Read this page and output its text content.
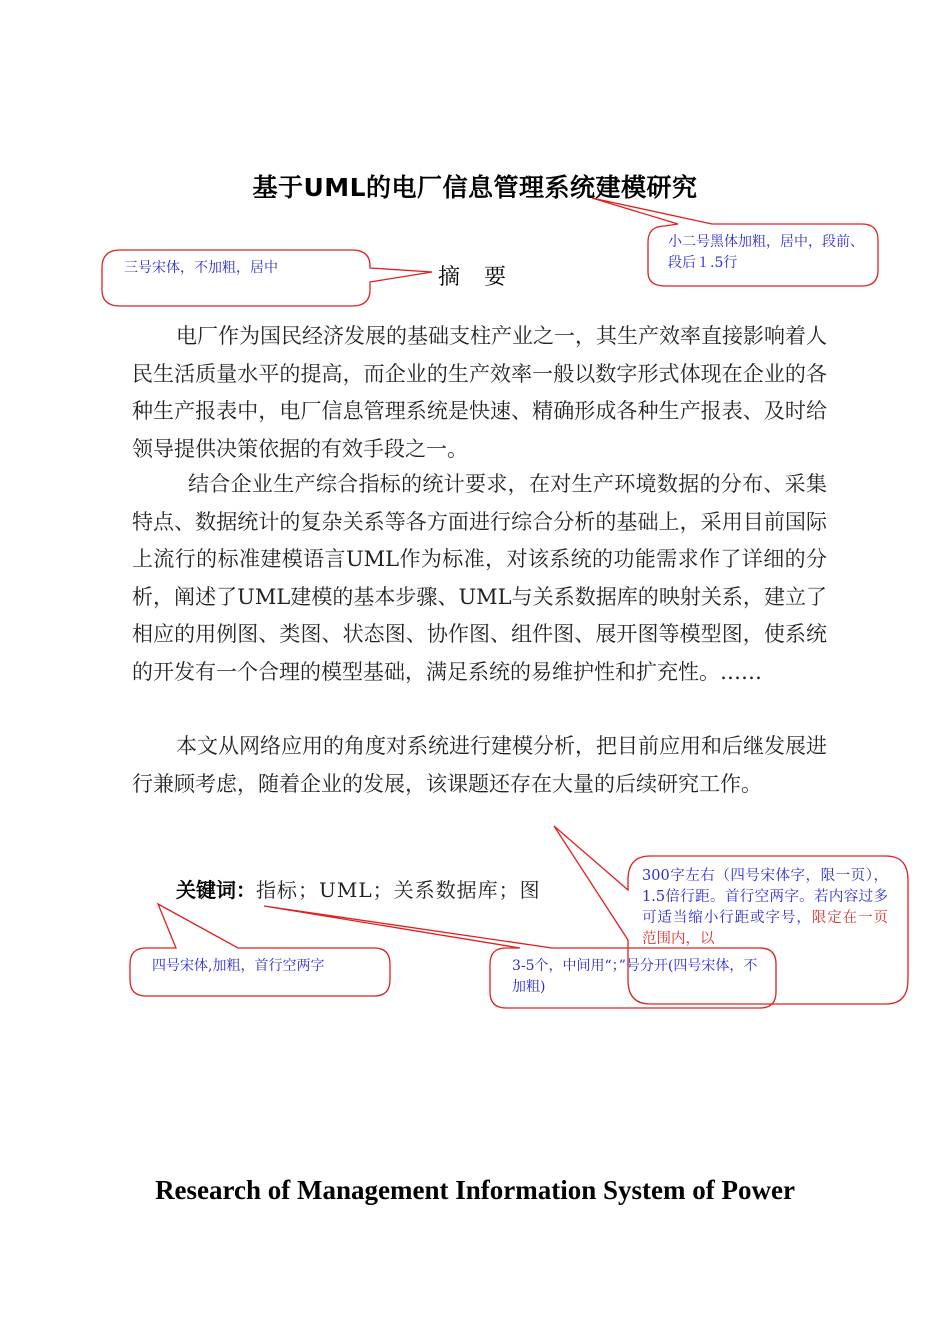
基于UML的电厂信息管理系统建模研究
摘 要

电厂作为国民经济发展的基础支柱产业之一，其生产效率直接影响着人民生活质量水平的提高，而企业的生产效率一般以数字形式体现在企业的各种生产报表中，电厂信息管理系统是快速、精确形成各种生产报表、及时给领导提供决策依据的有效手段之一。

结合企业生产综合指标的统计要求，在对生产环境数据的分布、采集特点、数据统计的复杂关系等各方面进行综合分析的基础上，采用目前国际上流行的标准建模语言UML作为标准，对该系统的功能需求作了详细的分析，阐述了UML建模的基本步骤、UML与关系数据库的映射关系，建立了相应的用例图、类图、状态图、协作图、组件图、展开图等模型图，使系统的开发有一个合理的模型基础，满足系统的易维护性和扩充性。……

本文从网络应用的角度对系统进行建模分析，把目前应用和后继发展进行兼顾考虑，随着企业的发展，该课题还存在大量的后续研究工作。

关键词：指标；UML；关系数据库；图
Research of Management Information System of Power
小二号黑体加粗，居中，段前、段后１.5行
三号宋体，不加粗，居中
300字左右（四号宋体字，限一页），1.5倍行距。首行空两字。若内容过多可适当缩小行距或字号，限定在一页范围内，以
四号宋体,加粗，首行空两字	3-5个，中间用“；”号分开(四号宋体，不加粗)
